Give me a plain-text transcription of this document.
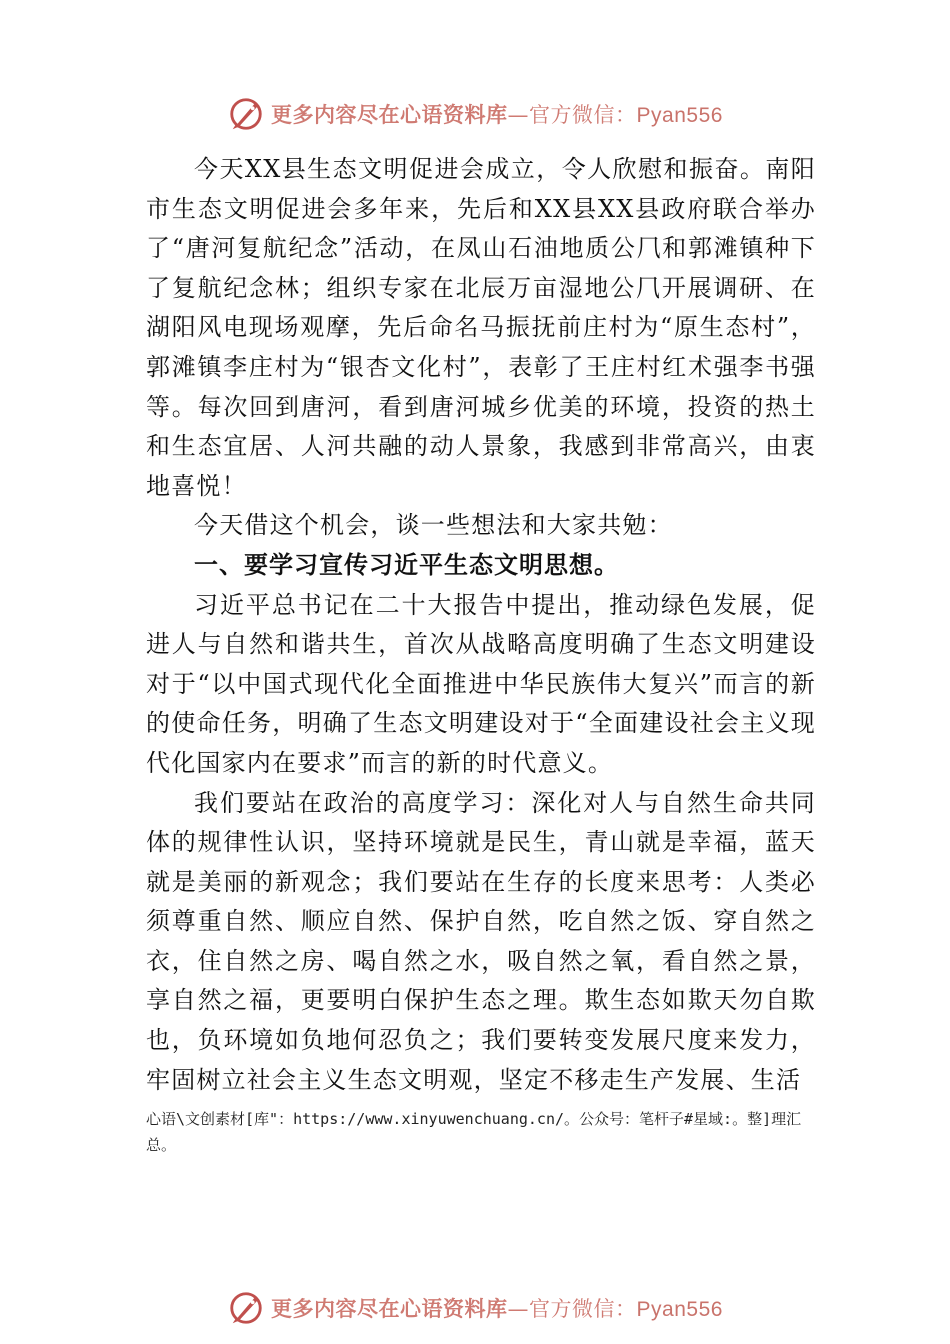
更多内容尽在心语资料库—官方微信：Pyan556

今天XX县生态文明促进会成立，令人欣慰和振奋。南阳市生态文明促进会多年来，先后和XX县XX县政府联合举办了“唐河复航纪念”活动，在凤山石油地质公⺇和郭滩镇种下了复航纪念林；组织专家在北辰万亩湿地公⺇开展调研、在湖阳风电现场观摩，先后命名马振抚前庄村为“原生态村”，郭滩镇李庄村为“银杏文化村”，表彰了王庄村红术强李书强等。每次回到唐河，看到唐河城乡优美的环境，投资的热土和生态宜居、人河共融的动人景象，我感到非常高兴，由衷地喜悦！

今天借这个机会，谈一些想法和大家共勉：

一、要学习宣传习近平生态文明思想。

习近平总书记在二十大报告中提出，推动绿色发展，促进人与自然和谐共生，首次从战略高度明确了生态文明建设对于“以中国式现代化全面推进中华民族伟大复兴”而言的新的使命任务，明确了生态文明建设对于“全面建设社会主义现代化国家内在要求”而言的新的时代意义。

我们要站在政治的高度学习：深化对人与自然生命共同体的规律性认识，坚持环境就是民生，青山就是幸福，蓝天就是美丽的新观念；我们要站在生存的长度来思考：人类必须尊重自然、顺应自然、保护自然，吃自然之饭、穿自然之衣，住自然之房、喝自然之水，吸自然之氧，看自然之景， 享自然之福，更要明白保护生态之理。欺生态如欺天勿自欺也，负环境如负地何忍负之；我们要转变发展尺度来发力， 牢固树立社会主义生态文明观，坚定不移走生产发展、生活

心语\文创素材[库"：https://www.xinyuwenchuang.cn/。公众号：笔杆子#星域:。整]理汇总。
更多内容尽在心语资料库—官方微信：Pyan556
